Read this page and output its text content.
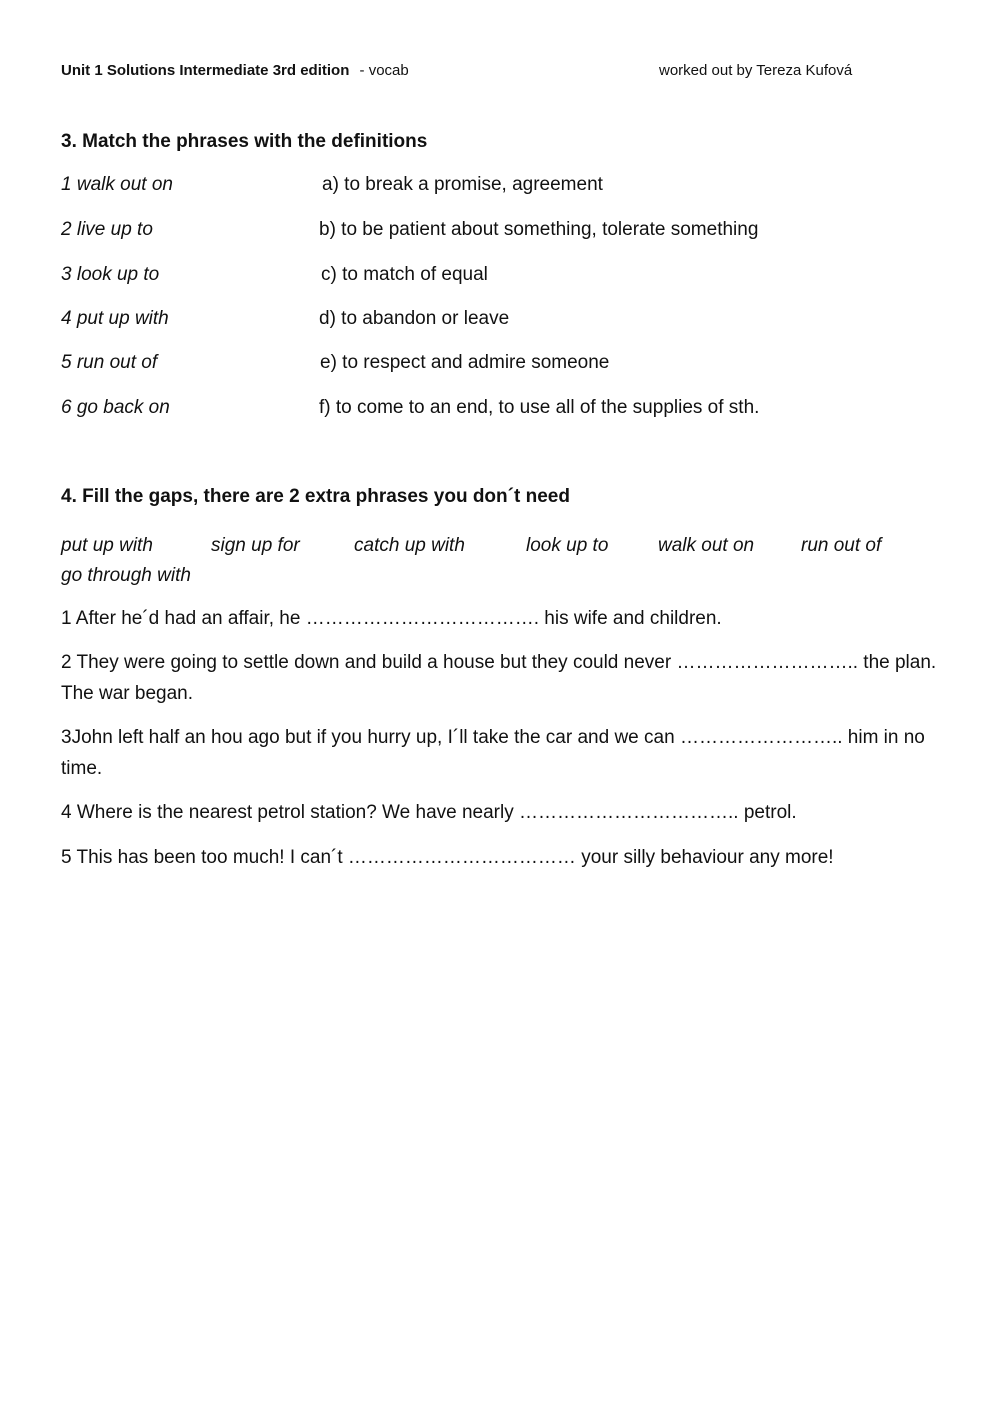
Unit 1 Solutions Intermediate 3rd edition - vocab	worked out by Tereza Kufová
3. Match the phrases with the definitions
1 walk out on	a) to break a promise, agreement
2 live up to	b) to be patient about something, tolerate something
3 look up to	c) to match of equal
4 put up with	d) to abandon or leave
5 run out of	e) to respect and admire someone
6 go back on	f) to come to an end, to use all of the supplies of sth.
4. Fill the gaps, there are 2 extra phrases you don´t need
put up with	sign up for	catch up with	look up to	walk out on run out of
go through with
1 After he´d had an affair, he ………………………………. his wife and children.
2 They were going to settle down and build a house but they could never ……………………….. the plan. The war began.
3John left half an hou ago but if you hurry up, I´ll take the car and we can …………………….. him in no time.
4 Where is the nearest petrol station? We have nearly …………………………….. petrol.
5 This has been too much! I can´t ……………………………… your silly behaviour any more!
